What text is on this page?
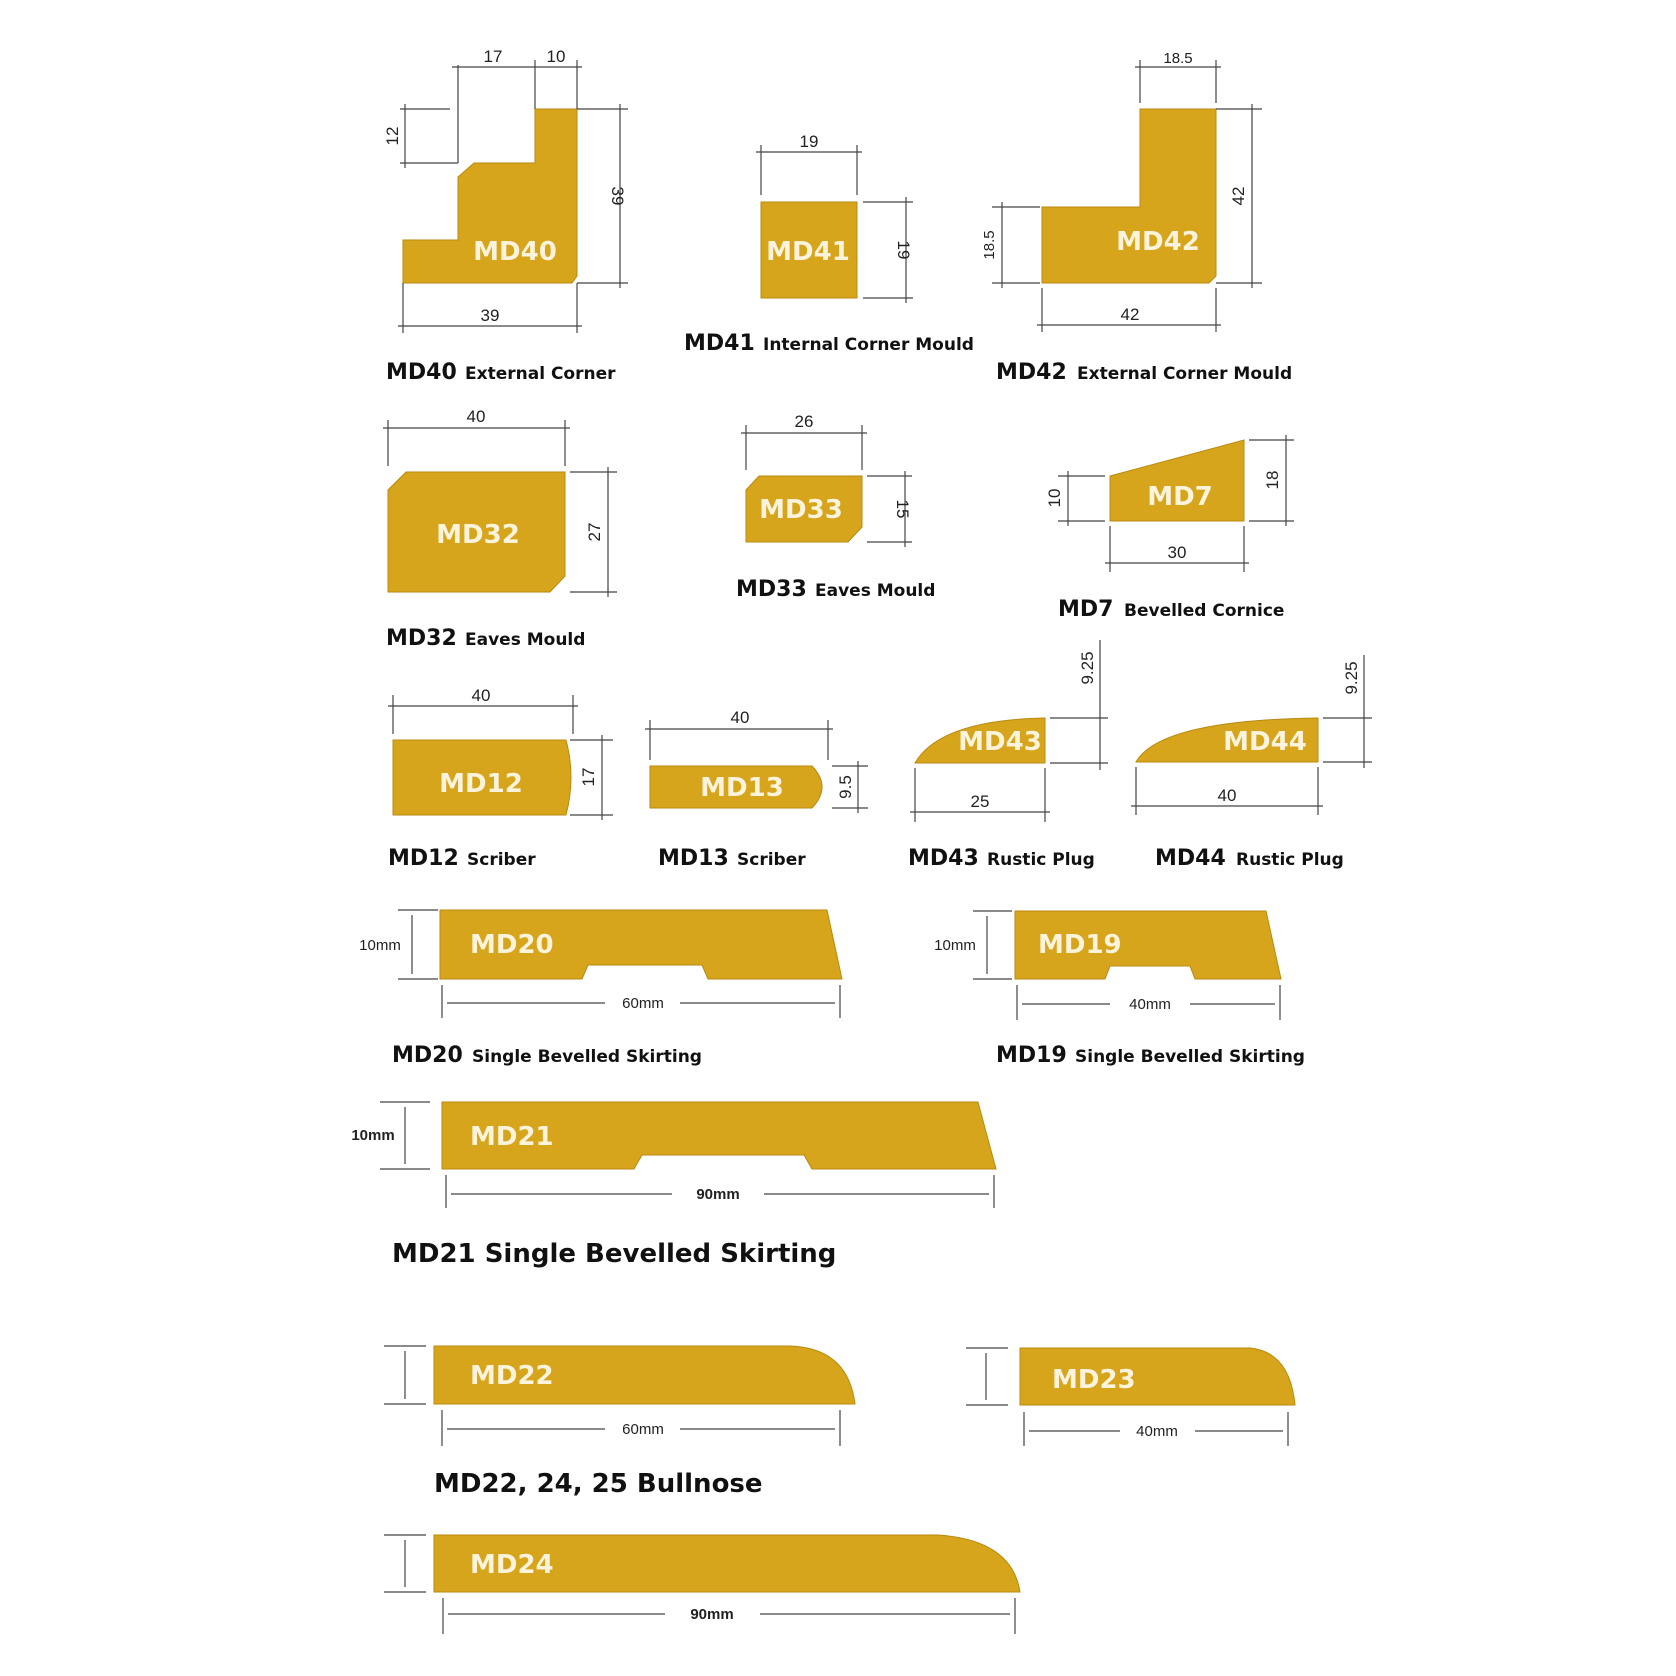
MD40
17	10
12
39
39
MD40 External Corner
MD41
19
19
MD41 Internal Corner Mould
MD42
18.5
42
18.5
42
MD42 External Corner Mould
MD32
40
27
MD32 Eaves Mould
MD33
26
15
MD33 Eaves Mould
MD7
10
18
30
MD7 Bevelled Cornice
MD12
40
17
MD12 Scriber
MD13
40
9.5
MD13 Scriber
MD43
9.25
25
MD43 Rustic Plug
MD44
9.25
40
MD44 Rustic Plug
MD20
10mm
60mm
MD20 Single Bevelled Skirting
MD19
10mm
40mm
MD19 Single Bevelled Skirting
MD21
10mm
90mm
MD21 Single Bevelled Skirting
MD22
60mm
MD23
40mm
MD22, 24, 25 Bullnose
MD24
90mm
